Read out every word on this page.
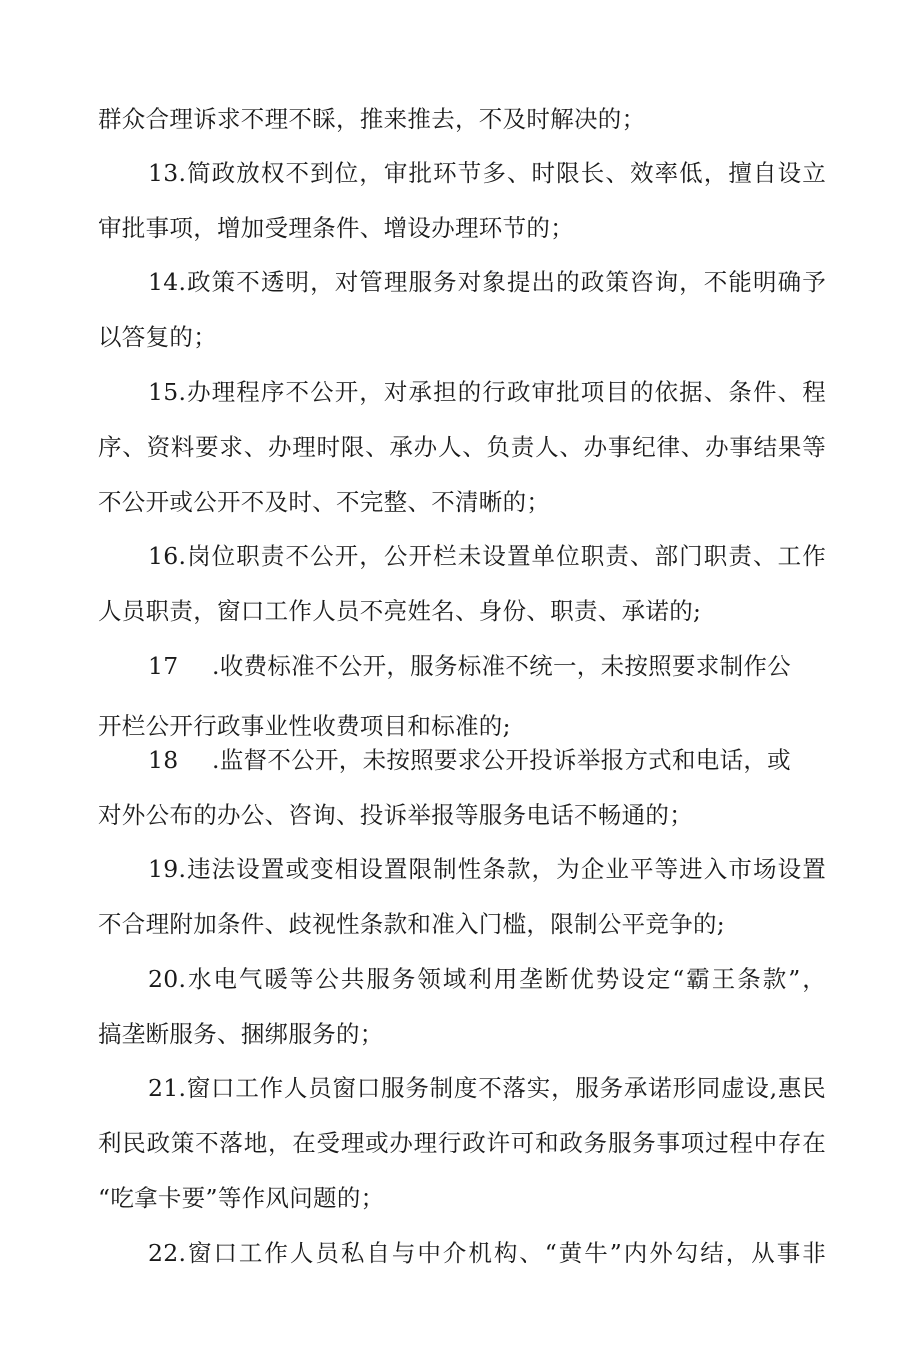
群众合理诉求不理不睬，推来推去，不及时解决的；
13.简政放权不到位，审批环节多、时限长、效率低，擅自设立
审批事项，增加受理条件、增设办理环节的；
14.政策不透明，对管理服务对象提出的政策咨询，不能明确予
以答复的；
15.办理程序不公开，对承担的行政审批项目的依据、条件、程
序、资料要求、办理时限、承办人、负责人、办事纪律、办事结果等
不公开或公开不及时、不完整、不清晰的；
16.岗位职责不公开，公开栏未设置单位职责、部门职责、工作
人员职责，窗口工作人员不亮姓名、身份、职责、承诺的;
17 .收费标准不公开，服务标准不统一，未按照要求制作公
开栏公开行政事业性收费项目和标准的;
18 .监督不公开，未按照要求公开投诉举报方式和电话，或
对外公布的办公、咨询、投诉举报等服务电话不畅通的；
19.违法设置或变相设置限制性条款，为企业平等进入市场设置
不合理附加条件、歧视性条款和准入门槛，限制公平竞争的;
20.水电气暖等公共服务领域利用垄断优势设定“霸王条款”，
搞垄断服务、捆绑服务的；
21.窗口工作人员窗口服务制度不落实，服务承诺形同虚设,惠民
利民政策不落地，在受理或办理行政许可和政务服务事项过程中存在
“吃拿卡要”等作风问题的；
22.窗口工作人员私自与中介机构、“黄牛”内外勾结，从事非
